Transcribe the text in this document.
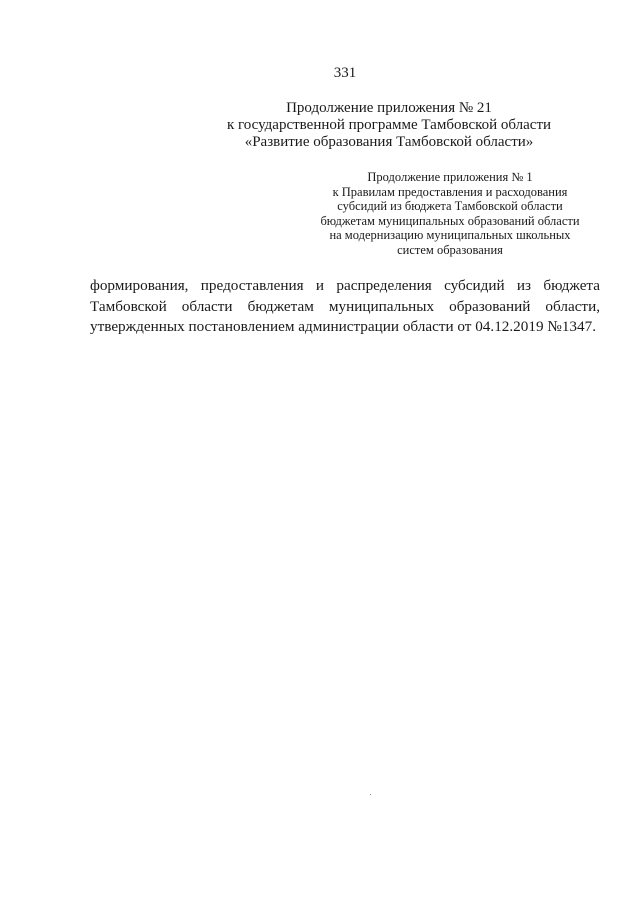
331
Продолжение приложения № 21
к государственной программе Тамбовской области
«Развитие образования Тамбовской области»
Продолжение приложения № 1
к Правилам предоставления и расходования
субсидий из бюджета Тамбовской области
бюджетам муниципальных образований области
на модернизацию муниципальных школьных
систем образования
формирования, предоставления и распределения субсидий из бюджета
Тамбовской области бюджетам муниципальных образований области,
утвержденных постановлением администрации области от 04.12.2019 №1347.
